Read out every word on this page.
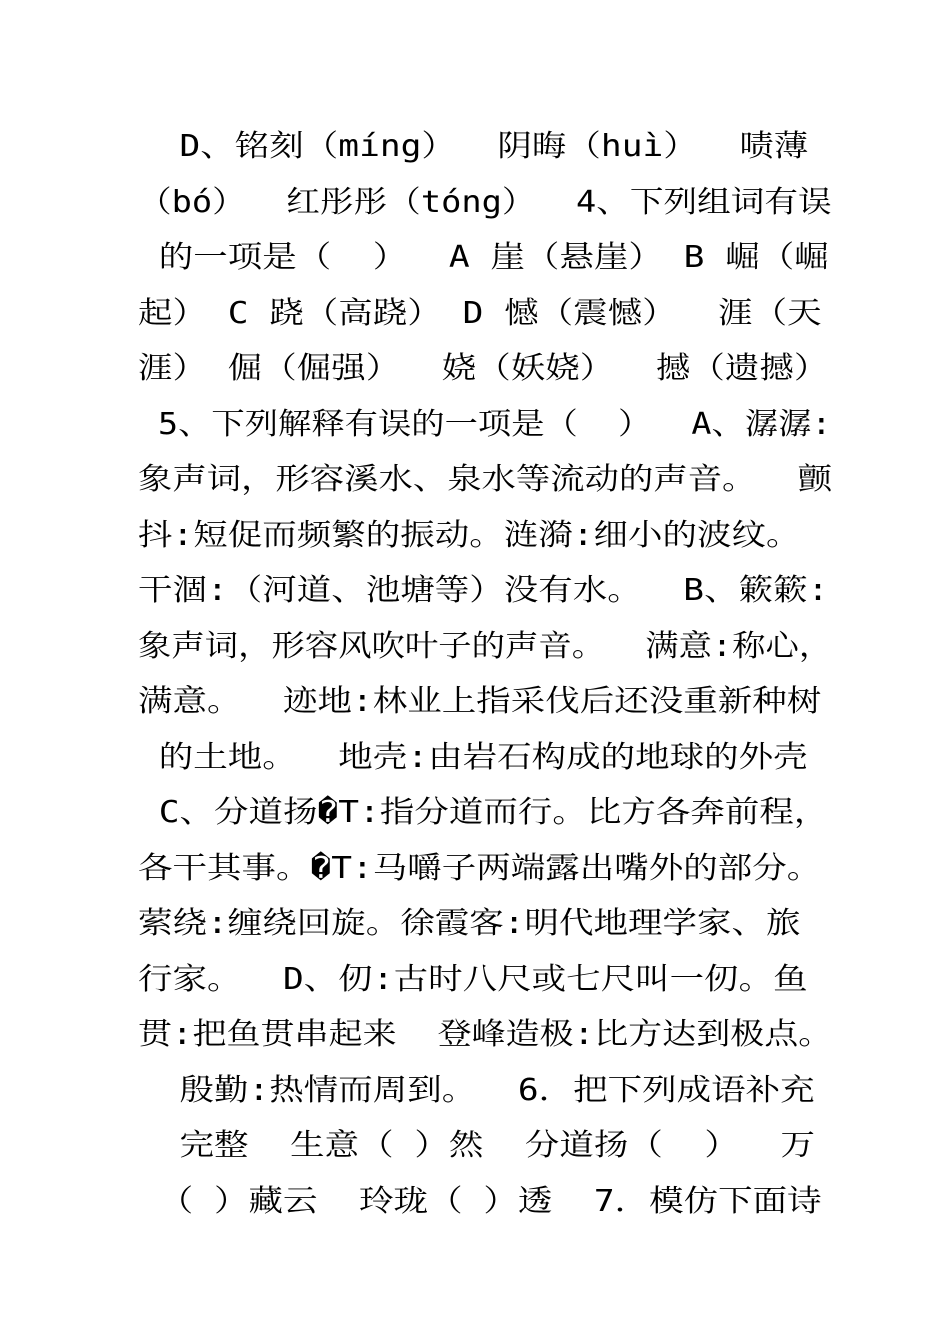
D、铭刻（míng）  阴晦（huì）  啧薄
（bó）  红彤彤（tóng）  4、下列组词有误
的一项是（  ）  A 崖（悬崖） B 崛（崛
起） C 跷（高跷） D 憾（震憾）  涯（天
涯） 倔（倔强）  娆（妖娆）  撼（遗撼）
5、下列解释有误的一项是（  ）  A、潺潺:
象声词，形容溪水、泉水等流动的声音。  颤
抖:短促而频繁的振动。涟漪:细小的波纹。
干涸:（河道、池塘等）没有水。  B、簌簌:
象声词，形容风吹叶子的声音。  满意:称心，
满意。  迹地:林业上指采伐后还没重新种树
的土地。  地壳:由岩石构成的地球的外壳
C、分道扬�T:指分道而行。比方各奔前程，
各干其事。�T:马嚼子两端露出嘴外的部分。
萦绕:缠绕回旋。徐霞客:明代地理学家、旅
行家。  D、仞:古时八尺或七尺叫一仞。鱼
贯:把鱼贯串起来  登峰造极:比方达到极点。
殷勤:热情而周到。  6．把下列成语补充
完整  生意（ ）然  分道扬（  ）  万
（ ）藏云  玲珑（ ）透  7．模仿下面诗
